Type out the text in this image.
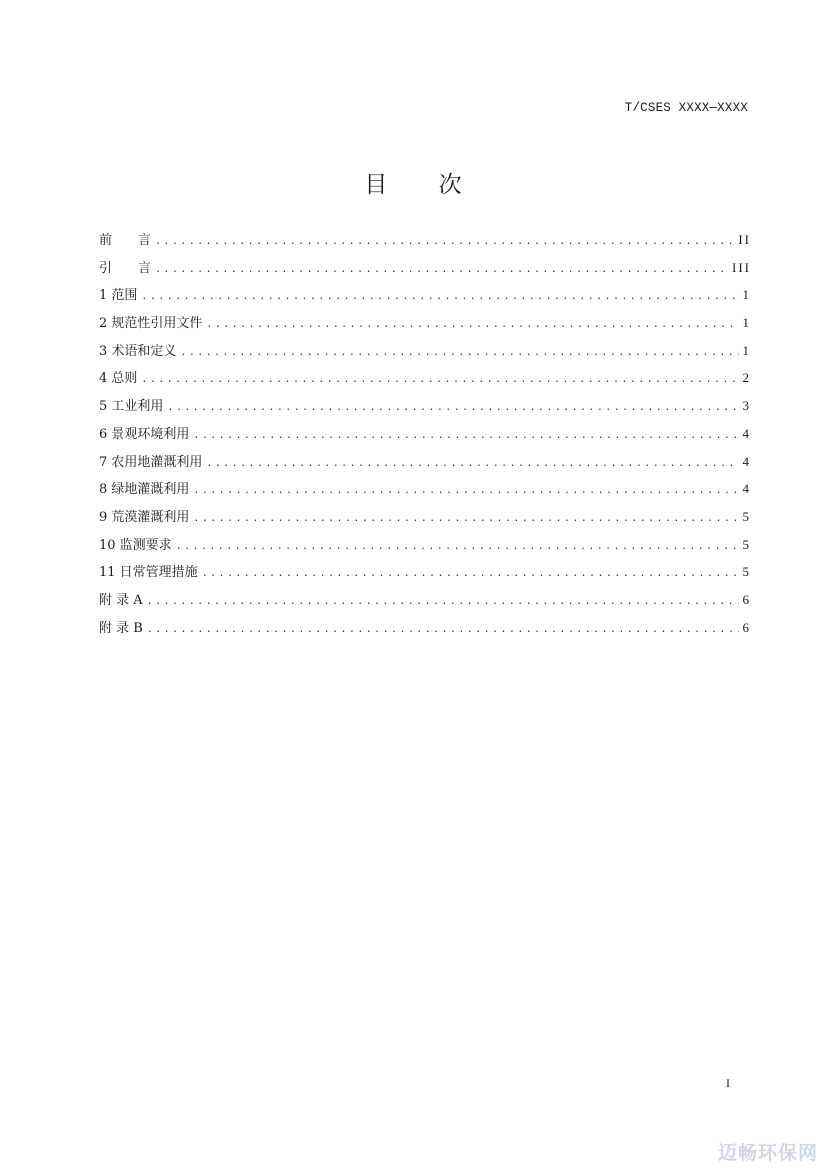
T/CSES XXXX—XXXX
目 次
前　　言 .....	II
引　　言 .....	III
1 范围 .....	1
2 规范性引用文件 .....	1
3 术语和定义 .....	1
4 总则 .....	2
5 工业利用 .....	3
6 景观环境利用 .....	4
7 农用地灌溉利用 .....	4
8 绿地灌溉利用 .....	4
9 荒漠灌溉利用 .....	5
10 监测要求 .....	5
11 日常管理措施 .....	5
附 录 A .....	6
附 录 B .....	6
I
迈畅环保网
